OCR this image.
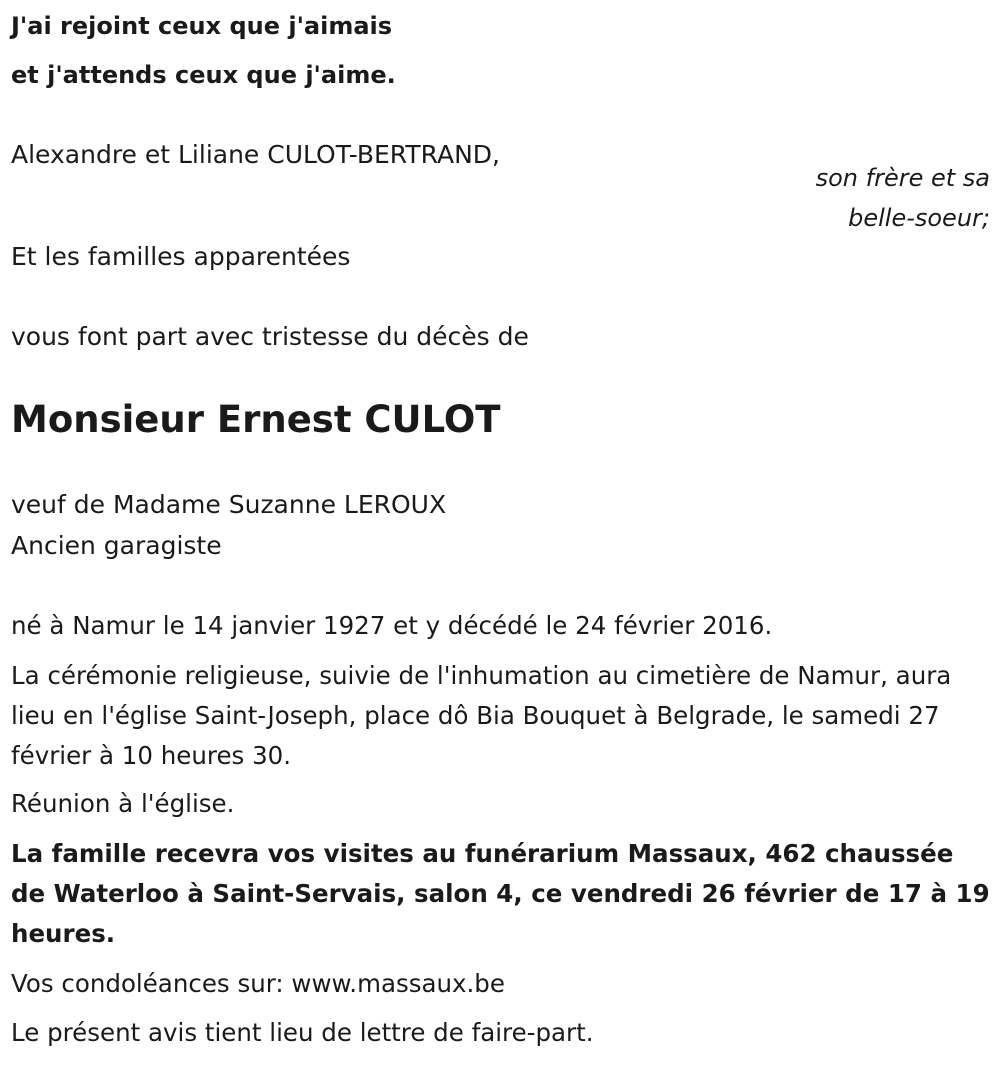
J'ai rejoint ceux que j'aimais
et j'attends ceux que j'aime.
Alexandre et Liliane CULOT-BERTRAND,
son frère et sa
belle-soeur;
Et les familles apparentées
vous font part avec tristesse du décès de
Monsieur Ernest CULOT
veuf de Madame Suzanne LEROUX
Ancien garagiste
né à Namur le 14 janvier 1927 et y décédé le 24 février 2016.
La cérémonie religieuse, suivie de l'inhumation au cimetière de Namur, aura lieu en l'église Saint-Joseph, place dô Bia Bouquet à Belgrade, le samedi 27 février à 10 heures 30.
Réunion à l'église.
La famille recevra vos visites au funérarium Massaux, 462 chaussée de Waterloo à Saint-Servais, salon 4, ce vendredi 26 février de 17 à 19 heures.
Vos condoléances sur: www.massaux.be
Le présent avis tient lieu de lettre de faire-part.
